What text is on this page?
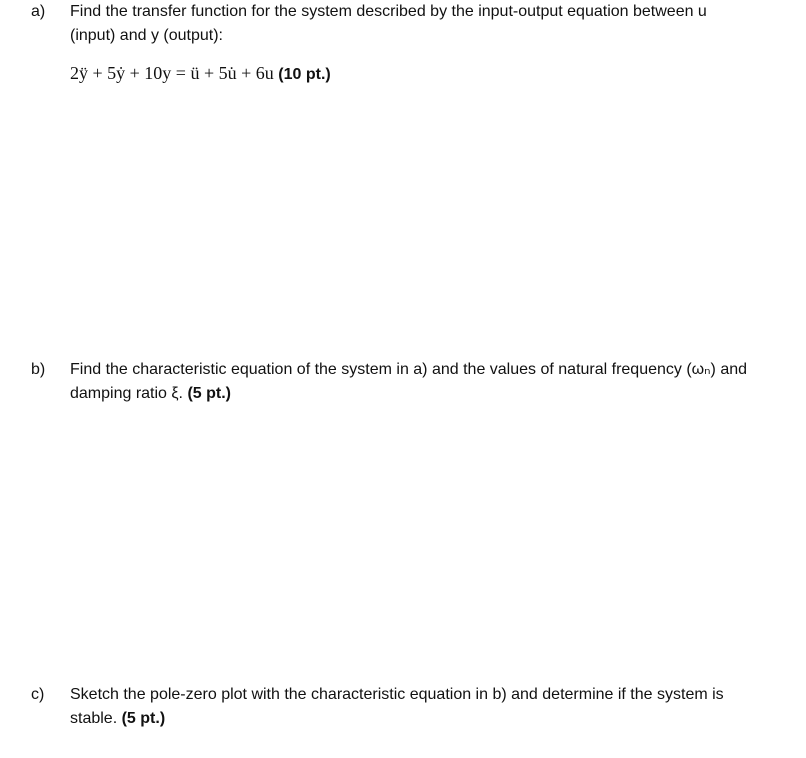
a) Find the transfer function for the system described by the input-output equation between u
(input) and y (output):
2ÿ + 5ẏ + 10y = ü + 5u̇ + 6u (10 pt.)
b) Find the characteristic equation of the system in a) and the values of natural frequency (ωₙ) and
damping ratio ξ. (5 pt.)
c) Sketch the pole-zero plot with the characteristic equation in b) and determine if the system is
stable. (5 pt.)
